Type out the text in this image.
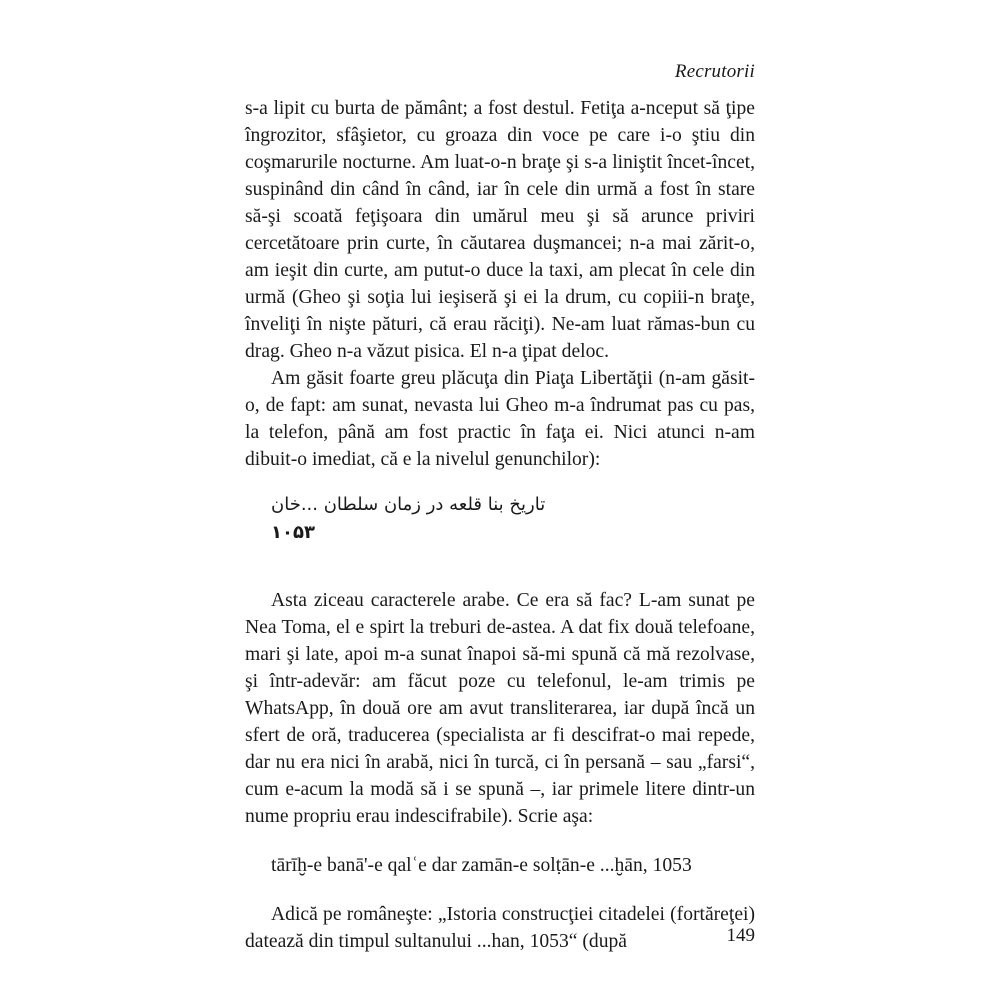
Recrutorii

s-a lipit cu burta de pământ; a fost destul. Fetiţa a-nceput să ţipe îngrozitor, sfâşietor, cu groaza din voce pe care i-o ştiu din coşmarurile nocturne. Am luat-o-n braţe şi s-a liniştit încet-încet, suspinând din când în când, iar în cele din urmă a fost în stare să-şi scoată feţişoara din umărul meu şi să arunce priviri cercetătoare prin curte, în căutarea duşmancei; n-a mai zărit-o, am ieşit din curte, am putut-o duce la taxi, am plecat în cele din urmă (Gheo şi soţia lui ieşiseră şi ei la drum, cu copiii-n braţe, înveliţi în nişte pături, că erau răciţi). Ne-am luat rămas-bun cu drag. Gheo n-a văzut pisica. El n-a ţipat deloc.

Am găsit foarte greu plăcuţa din Piaţa Libertăţii (n-am găsit-o, de fapt: am sunat, nevasta lui Gheo m-a îndrumat pas cu pas, la telefon, până am fost practic în faţa ei. Nici atunci n-am dibuit-o imediat, că e la nivelul genunchilor):

تاریخ بنا قلعه در زمان سلطان ...خان
۱۰۵۳

Asta ziceau caracterele arabe. Ce era să fac? L-am sunat pe Nea Toma, el e spirt la treburi de-astea. A dat fix două telefoane, mari şi late, apoi m-a sunat înapoi să-mi spună că mă rezolvase, şi într-adevăr: am făcut poze cu telefonul, le-am trimis pe WhatsApp, în două ore am avut transliterarea, iar după încă un sfert de oră, traducerea (specialista ar fi descifrat-o mai repede, dar nu era nici în arabă, nici în turcă, ci în persană – sau „farsi“, cum e-acum la modă să i se spună –, iar primele litere dintr-un nume propriu erau indescifrabile). Scrie aşa:

tārīḫ-e banā'-e qalʿe dar zamān-e solṭān-e ...ḫān, 1053

Adică pe româneşte: „Istoria construcţiei citadelei (fortăreţei) datează din timpul sultanului ...han, 1053“ (după	149
